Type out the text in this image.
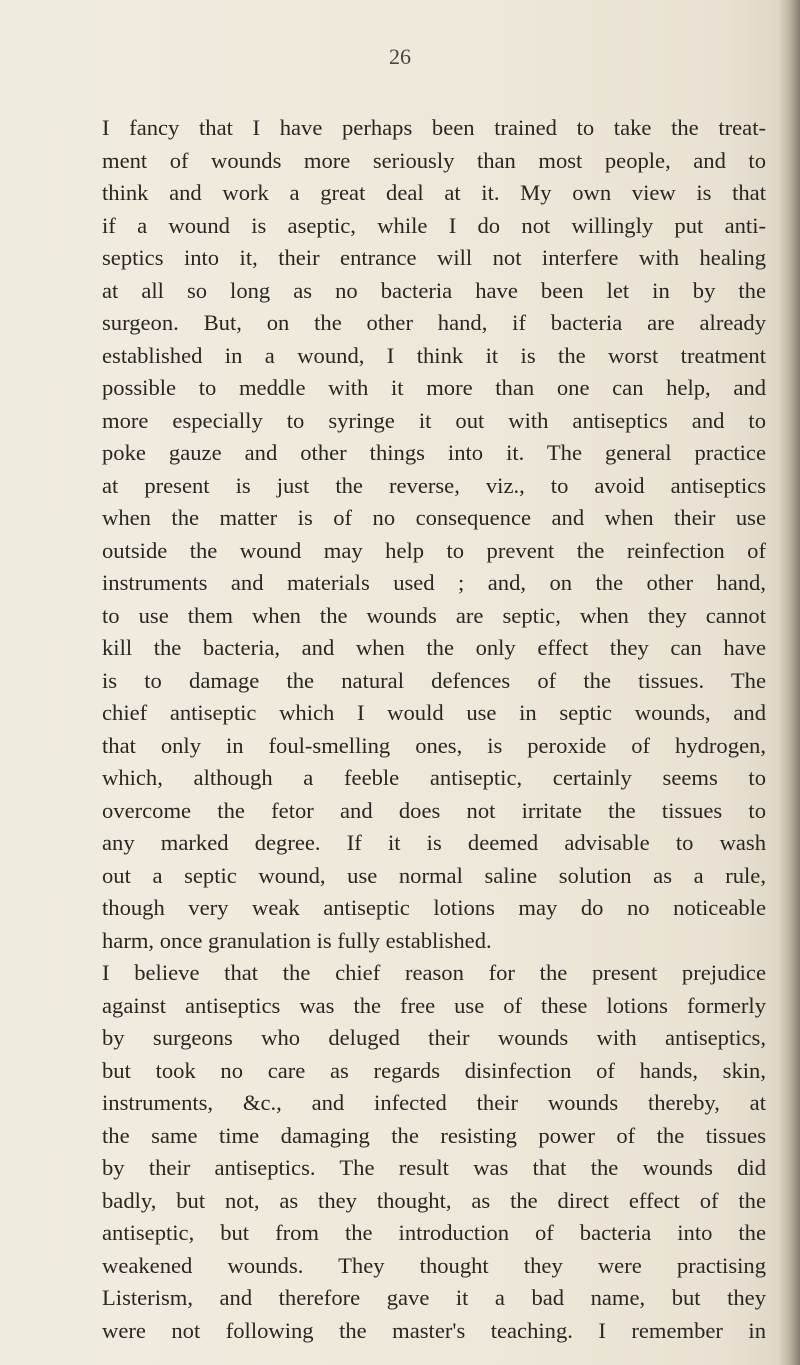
26
I fancy that I have perhaps been trained to take the treat-
ment of wounds more seriously than most people, and to
think and work a great deal at it. My own view is that
if a wound is aseptic, while I do not willingly put anti-
septics into it, their entrance will not interfere with healing
at all so long as no bacteria have been let in by the
surgeon. But, on the other hand, if bacteria are already
established in a wound, I think it is the worst treatment
possible to meddle with it more than one can help, and
more especially to syringe it out with antiseptics and to
poke gauze and other things into it. The general practice
at present is just the reverse, viz., to avoid antiseptics
when the matter is of no consequence and when their use
outside the wound may help to prevent the reinfection of
instruments and materials used ; and, on the other hand,
to use them when the wounds are septic, when they cannot
kill the bacteria, and when the only effect they can have
is to damage the natural defences of the tissues. The
chief antiseptic which I would use in septic wounds, and
that only in foul-smelling ones, is peroxide of hydrogen,
which, although a feeble antiseptic, certainly seems to
overcome the fetor and does not irritate the tissues to
any marked degree. If it is deemed advisable to wash
out a septic wound, use normal saline solution as a rule,
though very weak antiseptic lotions may do no noticeable
harm, once granulation is fully established.
I believe that the chief reason for the present prejudice
against antiseptics was the free use of these lotions formerly
by surgeons who deluged their wounds with antiseptics,
but took no care as regards disinfection of hands, skin,
instruments, &c., and infected their wounds thereby, at
the same time damaging the resisting power of the tissues
by their antiseptics. The result was that the wounds did
badly, but not, as they thought, as the direct effect of the
antiseptic, but from the introduction of bacteria into the
weakened wounds. They thought they were practising
Listerism, and therefore gave it a bad name, but they
were not following the master's teaching. I remember in
